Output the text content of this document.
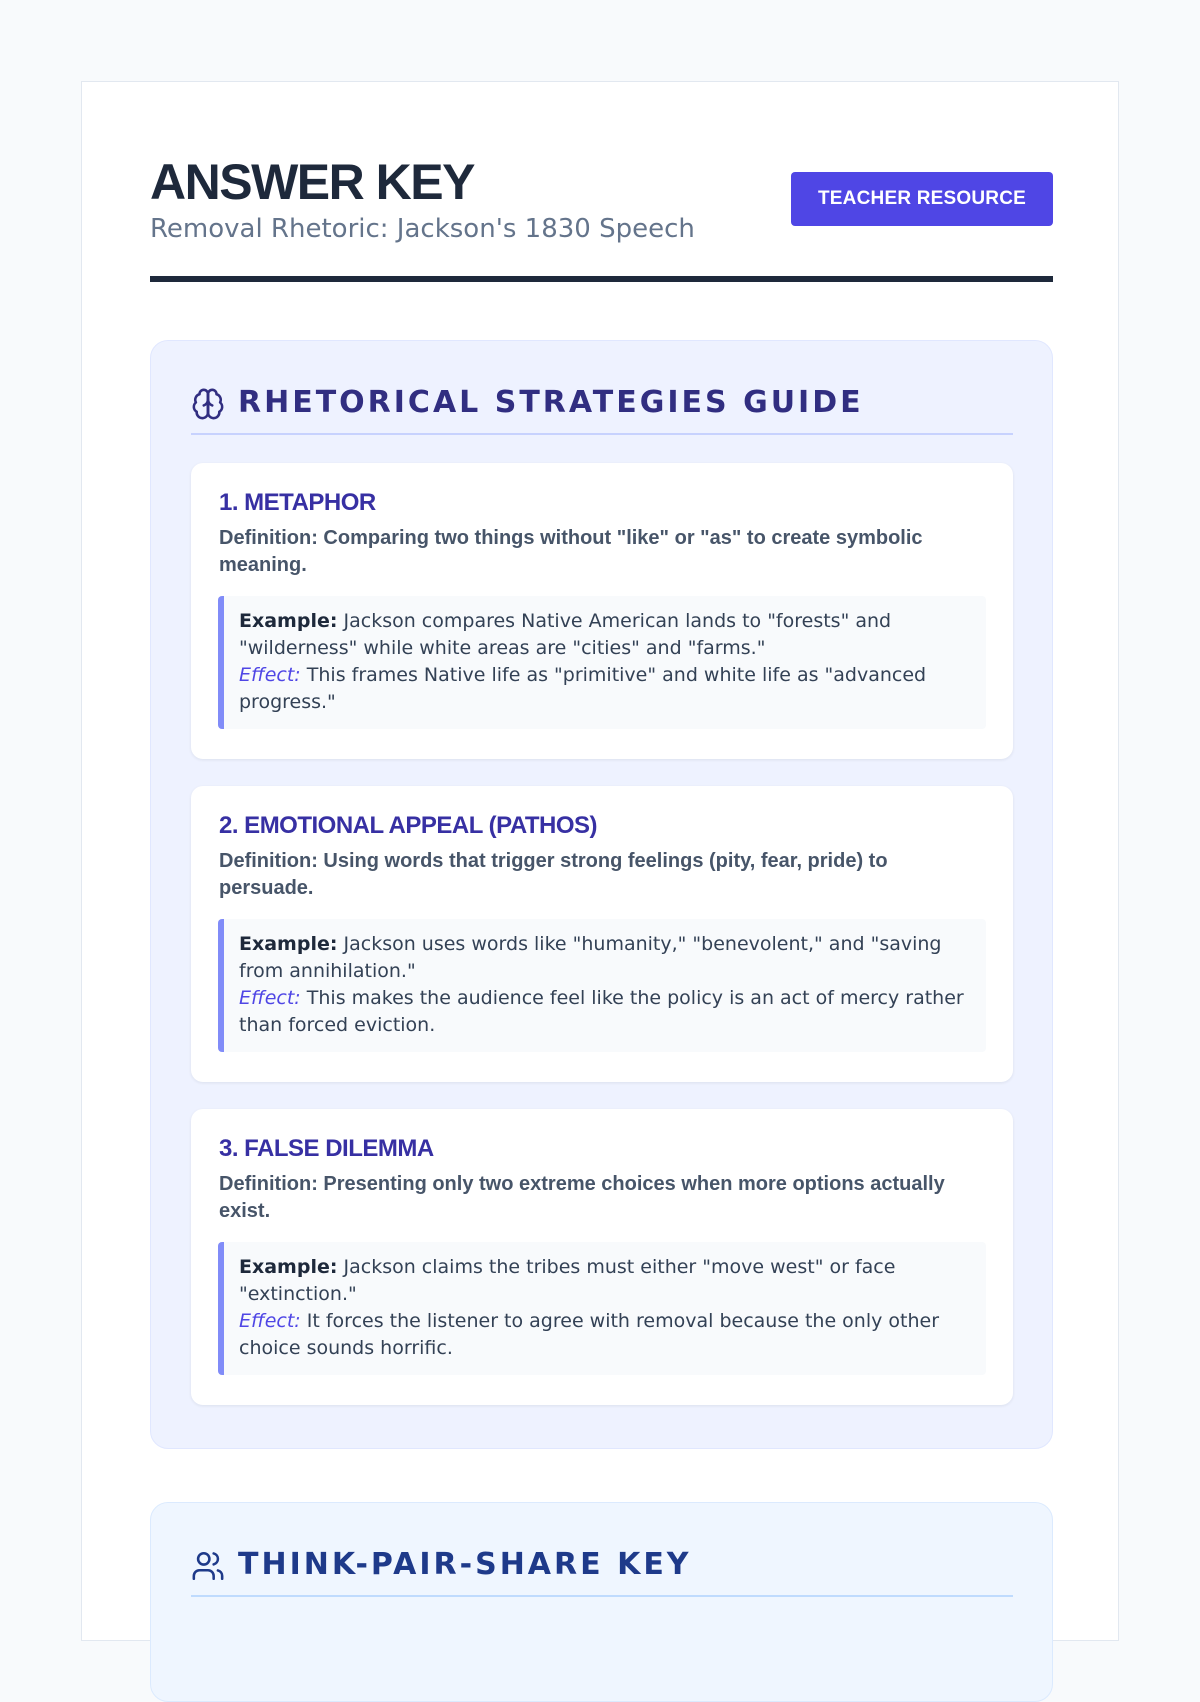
ANSWER KEY
Removal Rhetoric: Jackson's 1830 Speech
TEACHER RESOURCE
RHETORICAL STRATEGIES GUIDE
1. METAPHOR
Definition: Comparing two things without "like" or "as" to create symbolic meaning.

Example: Jackson compares Native American lands to "forests" and "wilderness" while white areas are "cities" and "farms."

Effect: This frames Native life as "primitive" and white life as "advanced progress."

2. EMOTIONAL APPEAL (PATHOS)
Definition: Using words that trigger strong feelings (pity, fear, pride) to persuade.

Example: Jackson uses words like "humanity," "benevolent," and "saving from annihilation."

Effect: This makes the audience feel like the policy is an act of mercy rather than forced eviction.

3. FALSE DILEMMA
Definition: Presenting only two extreme choices when more options actually exist.

Example: Jackson claims the tribes must either "move west" or face "extinction."

Effect: It forces the listener to agree with removal because the only other choice sounds horrific.

THINK-PAIR-SHARE KEY
